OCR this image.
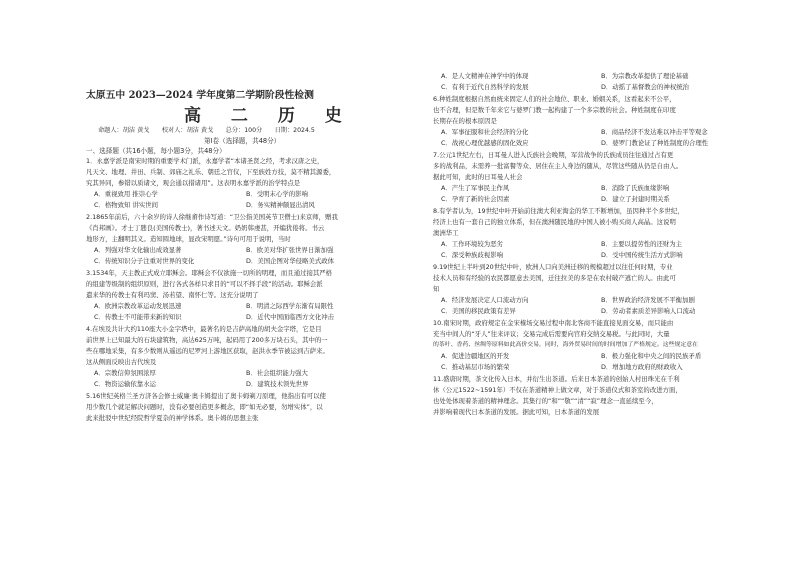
太原五中 2023—2024 学年度第二学期阶段性检测
高 二 历 史
命题人：胡洁 黄戈　　校对人：胡洁 黄戈　　总分：100分　　日期：2024.5
第Ⅰ卷（选择题，共48分）
一、选择题（共16小题，每小题3分，共48分）
1．永嘉学派是南宋时期的重要学术门派，永嘉学者“本诸圣贤之经，考求汉唐之史，
凡天文、地理、井田、兵制、郊庙之礼乐、朝廷之官仪，下至族姓方技，莫不精其源委，
究其异同，参错以质诸文，观会通以措诸用”。这表明永嘉学派的治学特点是
A．重视致用 推崇心学	B．受明末心学的影响
C．格物致知 讲实世间	D．务实精神颇显出清风
2.1865年前后，六十余岁的诗人徐继畬作诗写道：“卫公指美国英节卫僧士)来京师，赠我
《肖邦画》。才士丁韪良(美国传教士)，著书述天文。奶奶韩虔甚，开编犹倦将。书云
地形方，主翻明其义。造知圆地球，显改宋明愿。”诗句可用于说明，当时
A．列强对华文化输出成效显著	B．欧美对华扩张世界日渐加强
C．传统知识分子注重对世界的变化	D．美国企图对华侵略美式政体
3.1534年，天主教正式成立耶稣会。耶稣会不仅欲施一切所的明理，而且通过接其严格
的组建等级制的组织原则，进行各式各样只求目的“可以不择手段”的活动。耶稣会派
遣来华的传教士有利玛窦、汤若望、南怀仁等。这充分说明了
A．欧洲宗教改革运动发展迅速	B．明清之际西学东渐有局限性
C．传教士不可能带来新的知识	D．近代中国面临西方文化冲击
4.在埃及共计大约110座大小金字塔中，最著名的是吉萨高地的胡夫金字塔，它是目
前世界上已知最大的石块建筑物，高达625万吨，起码用了200多万块石头，其中的一
些在哪地采集，有多少数则从遥远的尼罗河上游地区获取，赵洪水季节被运到吉萨来。
这从侧面反映出古代埃及
A．宗教信仰氛围浓厚	B．社会组织能力强大
C．物资运输依靠水运	D．建筑技术领先世界
5.16世纪英格兰圣方济各会修士威廉·奥卡姆提出了奥卡姆剃刀原理，他指出有可以使
用少数几个就足解决问题时，没有必要创造更多概念，即“如无必要，勿增实体”，以
此来批驳中世纪经院哲学夏杂的神学体系。奥卡姆的思想主张
A．是人文精神在神学中的体现	B．为宗教改革提供了理论基础
C．有利于近代自然科学的发展	D．动摇了基督教会的神权统治
6.种姓制度根据自然血统来固定人们的社会地位、职业、婚姻关系，这看起来不公平，
也不合理，但是数千年来它与婆罗门教一起构建了一个多宗教的社会。种姓制度在印度
长期存在的根本原因是
A．军事征服和社会经济的分化	B．商品经济不发达难以冲击平等观念
C．战祝心理优越感的固化效应	D．婆罗门教论证了种姓制度的合理性
7.公元1世纪左右，日耳曼人进入氏族社会晚期，军营战争的氏族成员往往通过占有更
多的战利品，未需养一批富餐等众、居住在主人身边的随从，尽管这些随从仍是自由人。
据此可知，此时的日耳曼人社会
A．产生了军事民主作风	B．消除了氏族血缘影响
C．孕育了新的社会因素	D．建立了封建时期关系
8.有学者认为，19世纪中叶开始前往澳大利亚淘金的华工不断增加，虽因种半个多世纪，
经济上也有一套自己的独立体系，但在澳洲随民地的中国人被小购买商人高晶。这说明
澳洲华工
A．工作环境较为恶劣	B．主要以提劳性的还财为主
C．深受种族歧视影响	D．受中国传统生活方式影响
9.19世纪上半叶到20世纪中叶，欧洲人口向美洲迁移的规模超过以往任何时期，专业
技术人员和有经验的农民都愿意去美国，迁往拉美的多是在农村破产逃亡的人。由此可
知
A．经济发展决定人口流动方向	B．世界政治经济发展不平衡加剧
C．美国的移民政策有差异	D．劳动者素质差异影响人口流动
10.南宋时期，政府规定在金宋榷场交易过程中南北客商不能直接见面交易，而只能由
充当中间人的“牙人”往来评议；交易完成后需要向官府交纳交易税。与此同时，大量
的茶叶、香药、丝绸等原料如此高价交易，同时，海外贸易时间的时间增加了严格规定。这些规定意在
A．促进边疆地区的开发	B．极力强化和中央之间的民族矛盾
C．推动基层市场的繁荣	D．增加地方政府的财政收入
11.盛唐时期，茶文化传入日本，并衍生出茶道。后来日本茶道的创始人村田珠光在千利
休（公元1522~1591年）不仅在茶道精神上做文章，对于茶道仪式和茶室的改进方面，
也处处体现着茶道的精神理念。其集行的“和”“敬”“清”“寂”理念一直延续至今，
并影响着现代日本茶道的发展。据此可知，日本茶道的发展
